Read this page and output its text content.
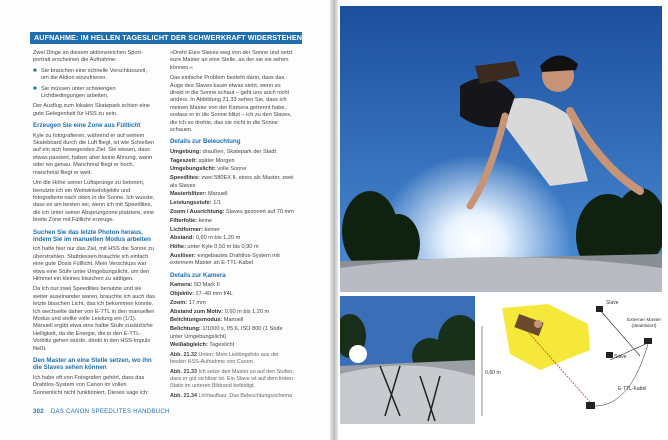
AUFNAHME: IM HELLEN TAGESLICHT DER SCHWERKRAFT WIDERSTEHEN

Zwei Dinge an diesem aktionsreichen Sport-portrait erscheinen die Aufnahme:

■ Sie brauchen eine schnelle Verschlusszeit, um die Aktion einzufrieren.
■ Sie müssen unter schwierigen Lichtbedingungen arbeiten.

Der Ausflug zum lokalen Skatepark schien eine gute Gelegenheit für HSS zu sein.

Erzeugen Sie eine Zone aus Fülllicht

Kyle zu fotografieren, während er auf seinem Skateboard durch die Luft fliegt, ist wie Schießen auf ein sich bewegendes Ziel. Sie wissen, dass etwas passiert, haben aber keine Ahnung, wann oder wo genau. Manchmal fliegt er hoch, manchmal fliegt er weit.

Um die Höhe seiner Luftsprünge zu betonen, benutzte ich ein Weitwinkelobjektiv und fotografierte nach oben in die Sonne. Ich wusste, dass es am besten sei, wenn ich mit Speedlites, die ich unter seiner Absprungzone platziere, eine breite Zone mit Fülllicht erzeuge.

Suchen Sie das letzte Photon heraus, indem Sie im manuellen Modus arbeiten

Ich hatte hier nur das Ziel, mit HSS die Sonne zu überstrahlen. Stattdessen brauchte ich einfach eine gute Dosis Fülllicht. Mein Verschluss war etwa eine Stufe unter Umgebungslicht, um den Himmel ein kleines bisschen zu sättigen.

Da ich nur zwei Speedlites benutzte und sie weiter auseinander waren, brauchte ich auch das letzte bisschen Licht, das ich bekommen konnte. Ich wechselte daher von E-TTL in den manuellen Modus und stellte volle Leistung ein (1/1). Manuell ergibt etwa eine halbe Stufe zusätzliche Helligkeit, da die Energie, die in den E-TTL-Vorblitz gehen würde, direkt in den HSS-Impuls fließt.

Den Master an eine Stelle setzen, wo ihn die Slaves sehen können

Ich habe oft von Fotografen gehört, dass das Drahtlos-System von Canon im vollen Sonnenlicht nicht funktioniert. Dieses sage ich:

»Dreht Eure Slaves weg von der Sonne und setzt eure Master an eine Stelle, an der sie sie sehen können.«

Das einfache Problem besteht darin, dass das Auge des Slaves kaum etwas sieht, wenn es direkt in die Sonne schaut – geht uns auch nicht anders. In Abbildung 21.33 sehen Sie, dass ich meinen Master von der Kamera getrennt habe, sodass er in die Sonne blitzt – ich zu den Slaves, die ich so drehte, das sie nicht in die Sonne schauen.

Details zur Beleuchtung
Umgebung: draußen, Skatepark der Stadt
Tageszeit: später Morgen
Umgebungslicht: volle Sonne
Speedlites: zwei 580EX II, eines als Master, zwei als Slaves
Masterblitzer: Manuell
Leistungsstufe: 1/1
Zoom / Ausrichtung: Slaves gezoomt auf 70 mm
Filterfolie: keine
Lichtformer: keiner
Abstand: 0,60 m bis 1,20 m
Höhe: unter Kyle 0,50 m bis 0,90 m
Auslöser: eingebautes Drahtlos-System mit externem Master an E-TTL-Kabel
Details zur Kamera
Kamera: 5D Mark II
Objektiv: 17–40 mm f/4L
Zoom: 17 mm
Abstand zum Motiv: 0,60 m bis 1,20 m
Belichtungsmodus: Manuell
Belichtung: 1/1000 s, f/5.6, ISO 800 (1 Stufe unter Umgebungslicht)
Weißabgleich: Tageslicht

Abb. 21.32 Unten: Mein Lieblingsfoto aus der besten HSS-Aufnahme von Canon.

Abb. 21.33 Ich setze den Master so auf den Stufen, dass er gut sichtbar ist. Ein Slave ist auf dem linken Stativ im unteren Bildrand befestigt.

Abb. 21.34 Lichtaufbau: Das Beleuchtungsschema

302 DAS CANON SPEEDLITES HANDBUCH
Slave
Slave
Externer Master (deaktiviert)
0,60 m
E-TTL-Kabel
